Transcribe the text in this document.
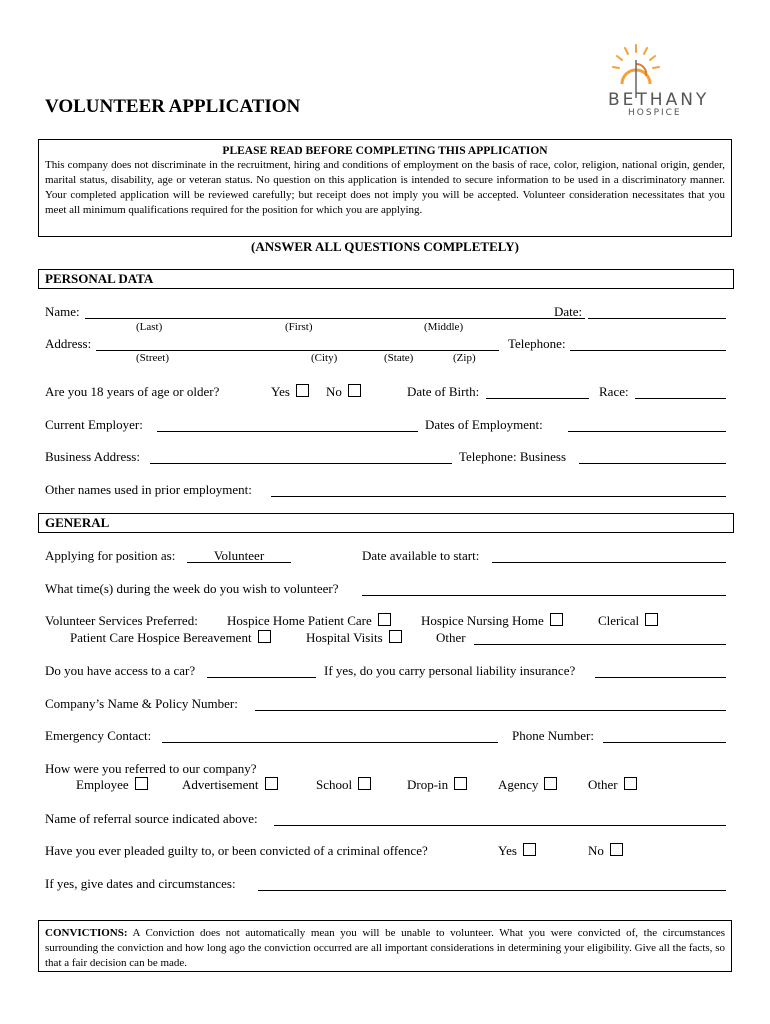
BETHANY
HOSPICE
VOLUNTEER APPLICATION
PLEASE READ BEFORE COMPLETING THIS APPLICATION
This company does not discriminate in the recruitment, hiring and conditions of employment on the basis of race, color, religion, national origin, gender, marital status, disability, age or veteran status. No question on this application is intended to secure information to be used in a discriminatory manner. Your completed application will be reviewed carefully; but receipt does not imply you will be accepted. Volunteer consideration necessitates that you meet all minimum qualifications required for the position for which you are applying.
(ANSWER ALL QUESTIONS COMPLETELY)
PERSONAL DATA
Name:	Date:
(Last)	(First)	(Middle)
Address:	Telephone:
(Street)	(City)	(State)	(Zip)
Are you 18 years of age or older?	Yes	No	Date of Birth:	Race:
Current Employer:	Dates of Employment:
Business Address:	Telephone: Business
Other names used in prior employment:
GENERAL
Applying for position as:	Volunteer	Date available to start:
What time(s) during the week do you wish to volunteer?
Volunteer Services Preferred: Hospice Home Patient Care	Hospice Nursing Home	Clerical
Patient Care Hospice Bereavement	Hospital Visits	Other
Do you have access to a car?	If yes, do you carry personal liability insurance?
Company’s Name & Policy Number:
Emergency Contact:	Phone Number:
How were you referred to our company?
Employee	Advertisement	School	Drop-in	Agency	Other
Name of referral source indicated above:
Have you ever pleaded guilty to, or been convicted of a criminal offence?	Yes	No
If yes, give dates and circumstances:
CONVICTIONS: A Conviction does not automatically mean you will be unable to volunteer. What you were convicted of, the circumstances surrounding the conviction and how long ago the conviction occurred are all important considerations in determining your eligibility. Give all the facts, so that a fair decision can be made.
